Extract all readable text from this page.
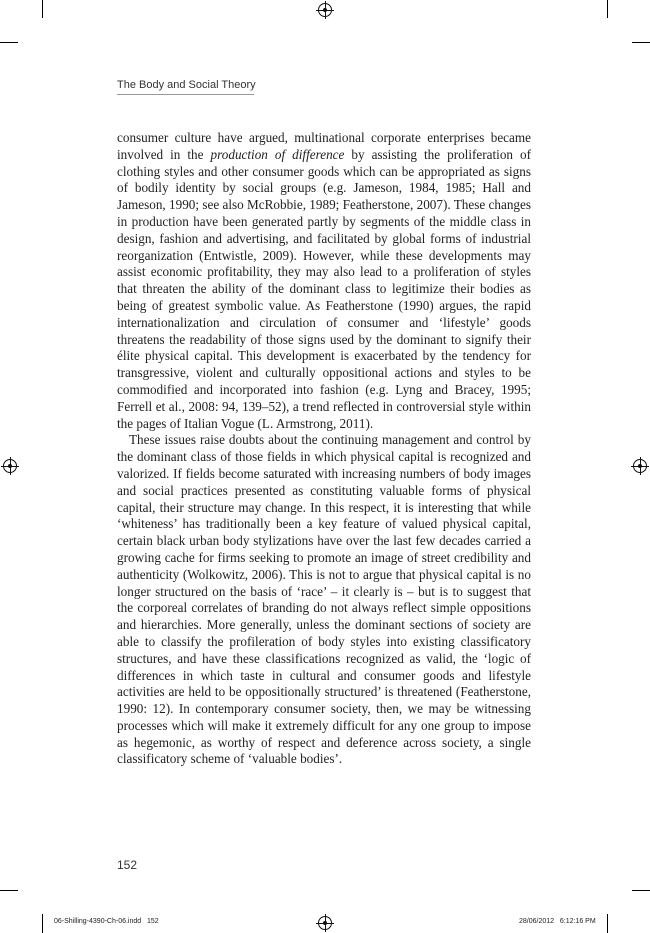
The Body and Social Theory

consumer culture have argued, multinational corporate enterprises became involved in the production of difference by assisting the proliferation of clothing styles and other consumer goods which can be appropriated as signs of bodily identity by social groups (e.g. Jameson, 1984, 1985; Hall and Jameson, 1990; see also McRobbie, 1989; Featherstone, 2007). These changes in production have been generated partly by segments of the middle class in design, fashion and advertising, and facilitated by global forms of industrial reorganization (Entwistle, 2009). However, while these developments may assist economic profitability, they may also lead to a proliferation of styles that threaten the ability of the dominant class to legitimize their bodies as being of greatest symbolic value. As Featherstone (1990) argues, the rapid internationalization and circulation of consumer and ‘lifestyle’ goods threatens the readability of those signs used by the dominant to signify their élite physical capital. This development is exacerbated by the tendency for transgressive, violent and culturally oppositional actions and styles to be commodified and incorporated into fashion (e.g. Lyng and Bracey, 1995; Ferrell et al., 2008: 94, 139–52), a trend reflected in controversial style within the pages of Italian Vogue (L. Armstrong, 2011).

These issues raise doubts about the continuing management and control by the dominant class of those fields in which physical capital is recognized and valorized. If fields become saturated with increasing numbers of body images and social practices presented as constituting valuable forms of physical capital, their structure may change. In this respect, it is interesting that while ‘whiteness’ has traditionally been a key feature of valued physical capital, certain black urban body stylizations have over the last few decades carried a growing cache for firms seeking to promote an image of street credibility and authenticity (Wolkowitz, 2006). This is not to argue that physical capital is no longer structured on the basis of ‘race’ – it clearly is – but is to suggest that the corporeal correlates of branding do not always reflect simple oppositions and hierarchies. More generally, unless the dominant sections of society are able to classify the profileration of body styles into existing classificatory structures, and have these classifications recognized as valid, the ‘logic of differences in which taste in cultural and consumer goods and lifestyle activities are held to be oppositionally structured’ is threatened (Featherstone, 1990: 12). In contemporary consumer society, then, we may be witnessing processes which will make it extremely difficult for any one group to impose as hegemonic, as worthy of respect and deference across society, a single classificatory scheme of ‘valuable bodies’.

152
06-Shilling-4390-Ch-06.indd   152	28/06/2012   6:12:16 PM
